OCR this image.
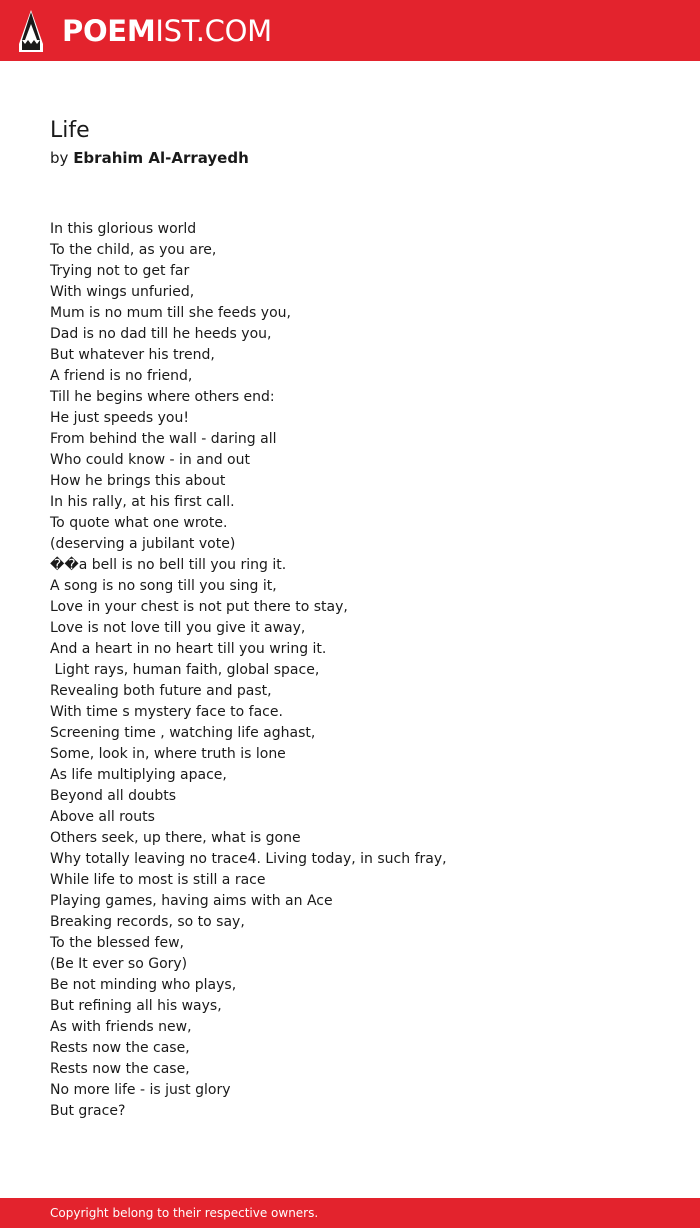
POEMIST.COM
Life
by Ebrahim Al-Arrayedh
In this glorious world
To the child, as you are,
Trying not to get far
With wings unfuried,
Mum is no mum till she feeds you,
Dad is no dad till he heeds you,
But whatever his trend,
A friend is no friend,
Till he begins where others end:
He just speeds you!
From behind the wall - daring all
Who could know - in and out
How he brings this about
In his rally, at his first call.
To quote what one wrote.
(deserving a jubilant vote)
��a bell is no bell till you ring it.
A song is no song till you sing it,
Love in your chest is not put there to stay,
Love is not love till you give it away,
And a heart in no heart till you wring it.
Light rays, human faith, global space,
Revealing both future and past,
With time s mystery face to face.
Screening time , watching life aghast,
Some, look in, where truth is lone
As life multiplying apace,
Beyond all doubts
Above all routs
Others seek, up there, what is gone
Why totally leaving no trace4. Living today, in such fray,
While life to most is still a race
Playing games, having aims with an Ace
Breaking records, so to say,
To the blessed few,
(Be It ever so Gory)
Be not minding who plays,
But refining all his ways,
As with friends new,
Rests now the case,
Rests now the case,
No more life - is just glory
But grace?
Copyright belong to their respective owners.
